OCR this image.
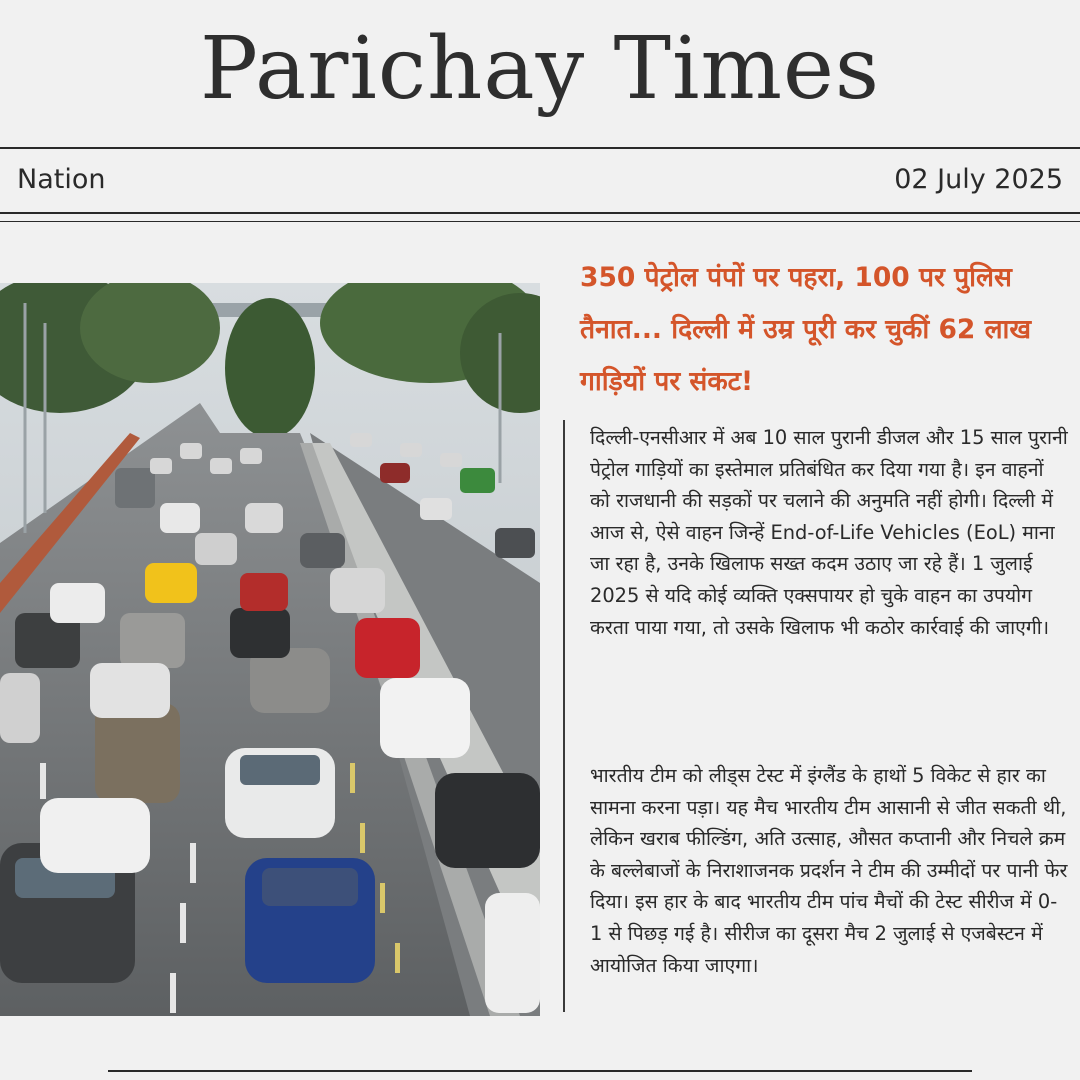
Parichay Times
Nation	02 July 2025
350 पेट्रोल पंपों पर पहरा, 100 पर पुलिस तैनात... दिल्ली में उम्र पूरी कर चुकीं 62 लाख गाड़ियों पर संकट!
दिल्ली-एनसीआर में अब 10 साल पुरानी डीजल और 15 साल पुरानी पेट्रोल गाड़ियों का इस्तेमाल प्रतिबंधित कर दिया गया है। इन वाहनों को राजधानी की सड़कों पर चलाने की अनुमति नहीं होगी। दिल्ली में आज से, ऐसे वाहन जिन्हें End-of-Life Vehicles (EoL) माना जा रहा है, उनके खिलाफ सख्त कदम उठाए जा रहे हैं। 1 जुलाई 2025 से यदि कोई व्यक्ति एक्सपायर हो चुके वाहन का उपयोग करता पाया गया, तो उसके खिलाफ भी कठोर कार्रवाई की जाएगी।
भारतीय टीम को लीड्स टेस्ट में इंग्लैंड के हाथों 5 विकेट से हार का सामना करना पड़ा। यह मैच भारतीय टीम आसानी से जीत सकती थी, लेकिन खराब फील्डिंग, अति उत्साह, औसत कप्तानी और निचले क्रम के बल्लेबाजों के निराशाजनक प्रदर्शन ने टीम की उम्मीदों पर पानी फेर दिया। इस हार के बाद भारतीय टीम पांच मैचों की टेस्ट सीरीज में 0-1 से पिछड़ गई है। सीरीज का दूसरा मैच 2 जुलाई से एजबेस्टन में आयोजित किया जाएगा।
